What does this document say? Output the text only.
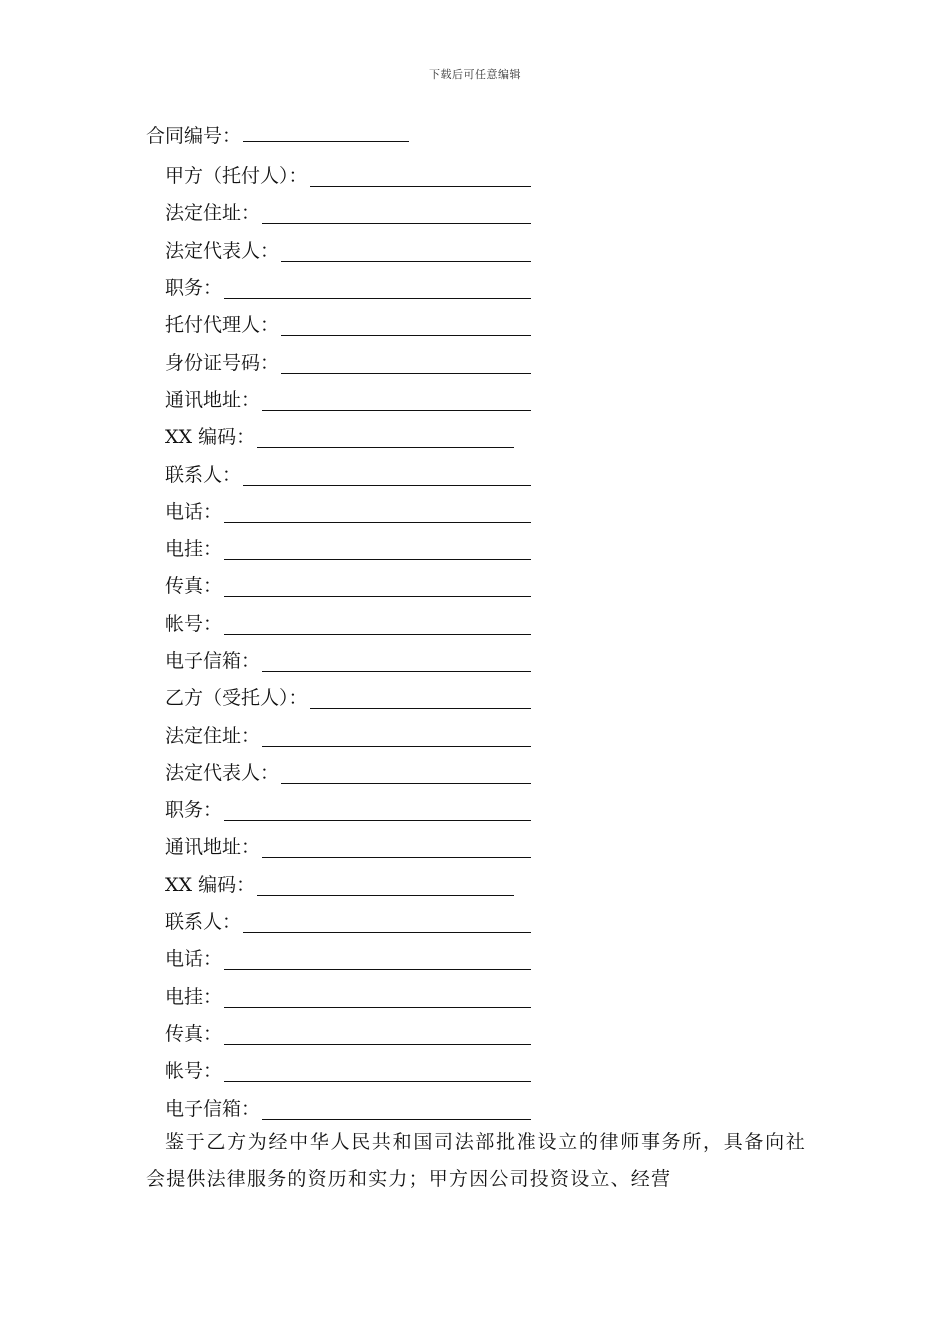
下载后可任意编辑
合同编号：
甲方（托付人）：
法定住址：
法定代表人：
职务：
托付代理人：
身份证号码：
通讯地址：
XX 编码：
联系人：
电话：
电挂：
传真：
帐号：
电子信箱：
乙方（受托人）：
法定住址：
法定代表人：
职务：
通讯地址：
XX 编码：
联系人：
电话：
电挂：
传真：
帐号：
电子信箱：
鉴于乙方为经中华人民共和国司法部批准设立的律师事务所，具备向社会提供法律服务的资历和实力；甲方因公司投资设立、经营
